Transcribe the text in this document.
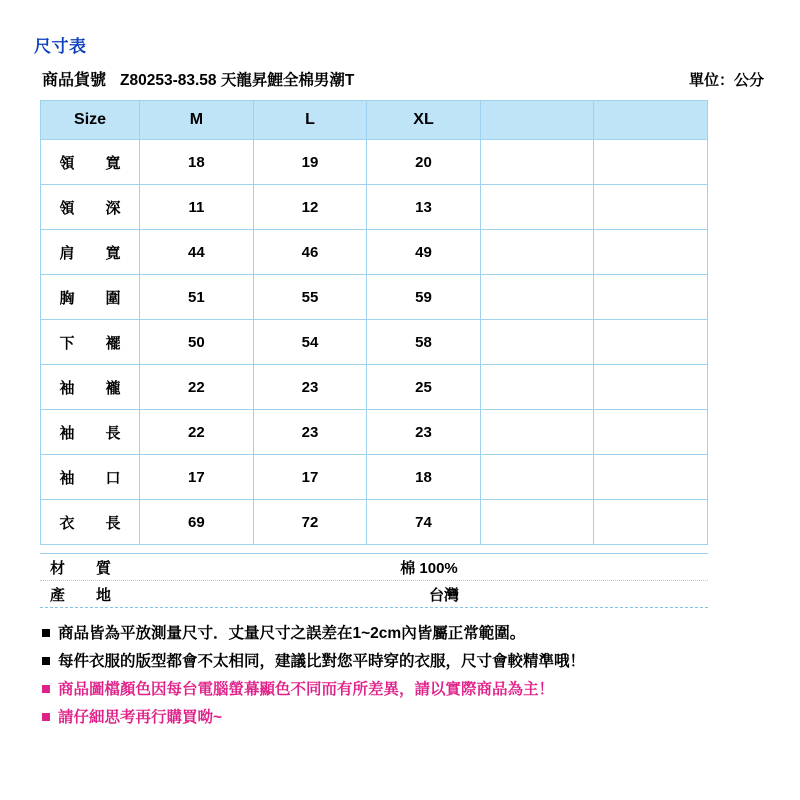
尺寸表
商品貨號 Z80253-83.58 天龍昇鯉全棉男潮T	單位：公分
Size	M	L	XL		
領　寬	18	19	20		
領　深	11	12	13		
肩　寬	44	46	49		
胸　圍	51	55	59		
下　襬	50	54	58		
袖　襱	22	23	25		
袖　長	22	23	23		
袖　口	17	17	18		
衣　長	69	72	74		
材　質	棉 100%
產　地	台灣
商品皆為平放測量尺寸．丈量尺寸之誤差在1~2cm內皆屬正常範圍。
每件衣服的版型都會不太相同，建議比對您平時穿的衣服，尺寸會較精準哦！
商品圖檔顏色因每台電腦螢幕顯色不同而有所差異，請以實際商品為主！
請仔細思考再行購買呦~
